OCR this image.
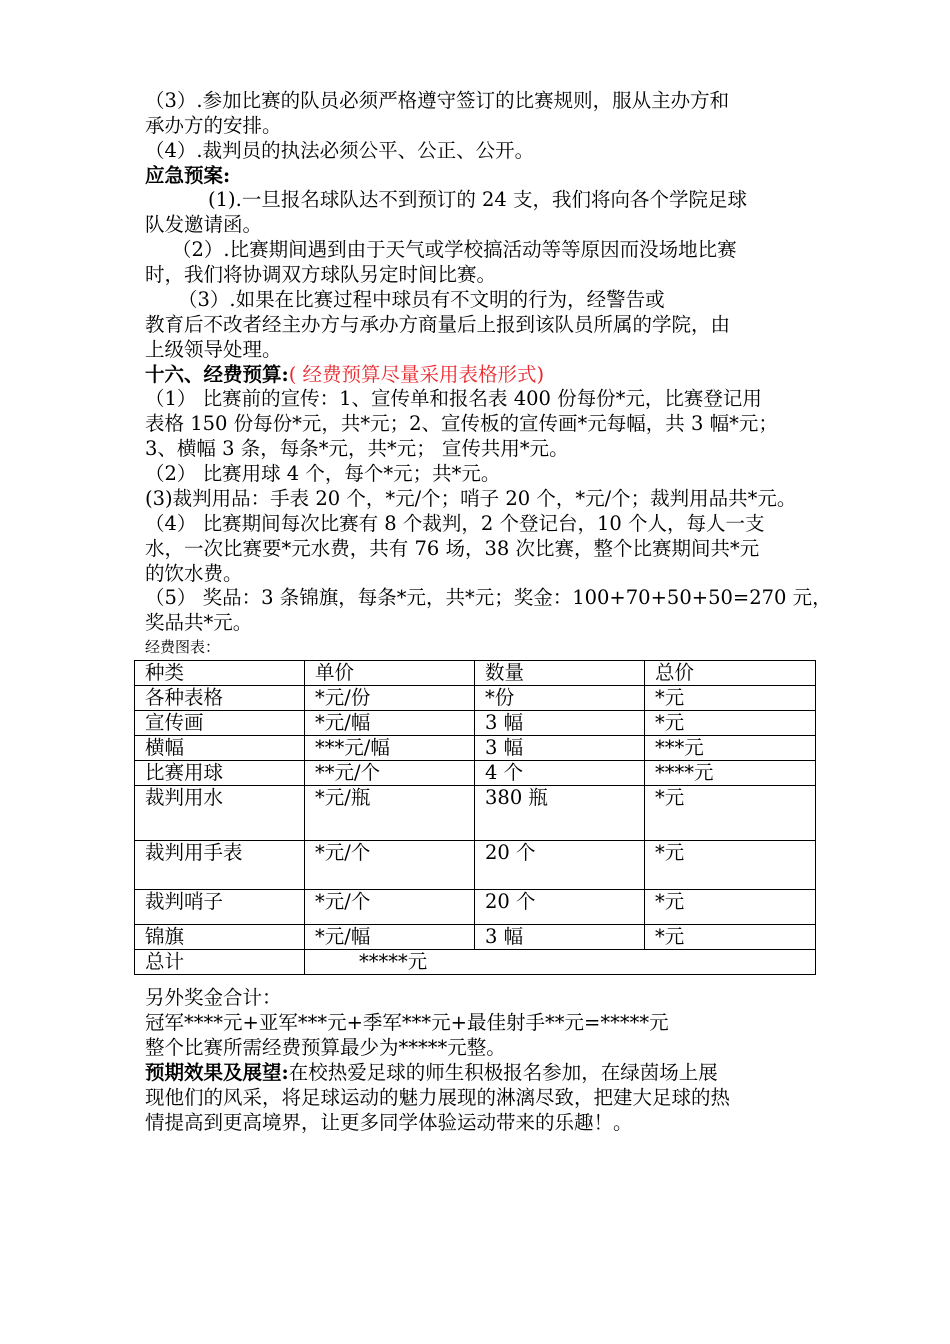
（3）.参加比赛的队员必须严格遵守签订的比赛规则，服从主办方和

承办方的安排。

（4）.裁判员的执法必须公平、公正、公开。

应急预案:

(1).一旦报名球队达不到预订的 24 支，我们将向各个学院足球

队发邀请函。

（2）.比赛期间遇到由于天气或学校搞活动等等原因而没场地比赛

时，我们将协调双方球队另定时间比赛。

（3）.如果在比赛过程中球员有不文明的行为，经警告或

教育后不改者经主办方与承办方商量后上报到该队员所属的学院，由

上级领导处理。

十六、经费预算:( 经费预算尽量采用表格形式)

（1） 比赛前的宣传：1、宣传单和报名表 400 份每份*元，比赛登记用

表格 150 份每份*元，共*元；2、宣传板的宣传画*元每幅，共 3 幅*元；

3、横幅 3 条，每条*元，共*元； 宣传共用*元。

（2） 比赛用球 4 个，每个*元；共*元。

(3)裁判用品：手表 20 个，*元/个；哨子 20 个，*元/个；裁判用品共*元。

（4） 比赛期间每次比赛有 8 个裁判，2 个登记台，10 个人，每人一支

水，一次比赛要*元水费，共有 76 场，38 次比赛，整个比赛期间共*元

的饮水费。

（5） 奖品：3 条锦旗，每条*元，共*元；奖金：100+70+50+50=270 元，

奖品共*元。

经费图表：

种类	单价	数量	总价
各种表格	*元/份	*份	*元
宣传画	*元/幅	3 幅	*元
横幅	***元/幅	3 幅	***元
比赛用球	**元/个	4 个	****元
裁判用水	*元/瓶	380 瓶	*元
裁判用手表	*元/个	20 个	*元
裁判哨子	*元/个	20 个	*元
锦旗	*元/幅	3 幅	*元
总计	*****元		

另外奖金合计：

冠军****元+亚军***元+季军***元+最佳射手**元=*****元

整个比赛所需经费预算最少为*****元整。

预期效果及展望:在校热爱足球的师生积极报名参加，在绿茵场上展

现他们的风采，将足球运动的魅力展现的淋漓尽致，把建大足球的热

情提高到更高境界，让更多同学体验运动带来的乐趣！。
